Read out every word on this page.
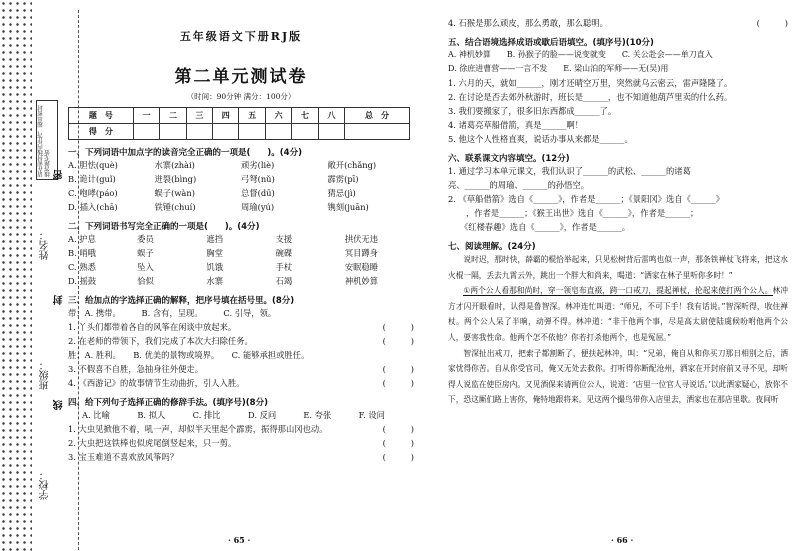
请在密封线内作答，超出密封线答题无效
姓名：
班级：
学校：
密
封
线
五年级语文下册RJ版
第二单元测试卷
（时间：90分钟 满分：100分）
题　号	一	二	三	四	五	六	七	八	总　分
得　分									
一、下列词语中加点字的读音完全正确的一项是(　　)。(4分)
A. 胆怯(què)	水寨(zhài)	顽劣(liè)	敞开(chǎng)
B. 诡计(guǐ)	迸裂(bìng)	弓弩(nǔ)	霹雳(pī)
C. 咆哮(páo)	蜈子(wàn)	总督(dū)	猜忌(jì)
D. 插入(chā)	铁锤(chuí)	周瑜(yú)	镌刻(juān)
二、下列词语书写完全正确的一项是(　　)。(4分)
A. 护息	委员	遮挡	支援	拱伏无违
B. 哨哦	蜈子	胸堂	碗碟	冥目蹲身
C. 熟悉	坠入	饥饿	手杖	安眠稳睡
D. 摇鼓	恰似	水寨	石竭	神机妙算
三、给加点的字选择正确的解释，把序号填在括号里。(8分)
带：A. 携带。　　　B. 含有，呈现。　　　C. 引导，领。
1. 丫头们都带着各自的风筝在闲谈中放起来。	(　　　)
2. 在老师的带领下，我们完成了本次大扫除任务。	(　　　)
胜：A. 胜利。　　B. 优美的景物或境界。　　C. 能够承担或胜任。
3. 不假喜不自胜，急抽身往外便走。	(　　　)
4. 《西游记》的故事情节生动曲折，引人入胜。	(　　　)
四、给下列句子选择正确的修辞手法。(填序号)(8分)
A. 比喻	B. 拟人	C. 排比	D. 反问	E. 夸张	F. 设问
1. 大虫见掀他不着，吼一声，却似半天里起个霹雳，振得那山冈也动。	(　　　)
2. 大虫把这铁棒也似虎尾倒竖起来，只一剪。	(　　　)
3. 宝玉难道不喜欢放风筝吗？	(　　　)
· 65 ·
4. 石猴是那么顽皮，那么勇敢，那么聪明。	(　　　)
五、结合语境选择成语或歇后语填空。(填序号)(10分)
A. 神机妙算　　B. 孙猴子的脸——说变就变　　C. 关公赴会——单刀直入
D. 徐庶进曹营——一言不发　　E. 梁山泊的军师——无(吴)用
1. 六月的天，就如______，刚才还晴空万里，突然就乌云密云，雷声隆隆了。
2. 在讨论是否去郊外秋游时，班长是______，也不知道他葫芦里卖的什么药。
3. 我们要搬家了，很多旧东西都成______了。
4. 诸葛亮草船借箭，真是______啊！
5. 他这个人性格直爽，说话办事从来都是______。
六、联系课文内容填空。(12分)
1. 通过学习本单元课文，我们认识了______的武松、______的诸葛
亮、______的周瑜、______的孙悟空。
2. 《草船借箭》选自《______》，作者是______；《景阳冈》选自《______》
，作者是______；《猴王出世》选自《______》，作者是______；
《红楼春趣》选自《______》，作者是______。
七、阅读理解。(24分)

说时迟，那时快，薛霸的棍恰举起来，只见松树背后雷鸣也似一声，那条铁禅杖飞将来，把这水火棍一隔，丢去九霄云外，跳出一个胖大和尚来，喝道：“洒家在林子里听你多时！”

①两个公人看那和尚时，穿一领皂布直裰，跨一口戒刀，提起禅杖，抡起来使打两个公人。林冲方才闪开眼看时，认得是鲁智深。林冲连忙叫道：“师兄，不可下手！我有话说。”智深听得，收住禅杖。两个公人呆了半晌，动弹不得。林冲道：“非干他两个事，尽是高太尉使陆虞候吩咐他两个公人，要害我性命。他两个怎不依他？你若打杀他两个，也是冤屈。”

智深扯出戒刀，把索子都割断了，便扶起林冲，叫：“兄弟，俺自从和你买刀那日相别之后，洒家忧得你苦。自从你受官司，俺又无处去救你。打听得你断配沧州，洒家在开封府前又寻不见，却听得人说监在使臣房内。又见酒保来请两位公人，说道：‘店里一位官人寻说话。’以此洒家疑心，放你不下，恐这厮们路上害你，俺特地跟将来。见这两个撮鸟带你入店里去，洒家也在那店里歇。夜间听

· 66 ·
